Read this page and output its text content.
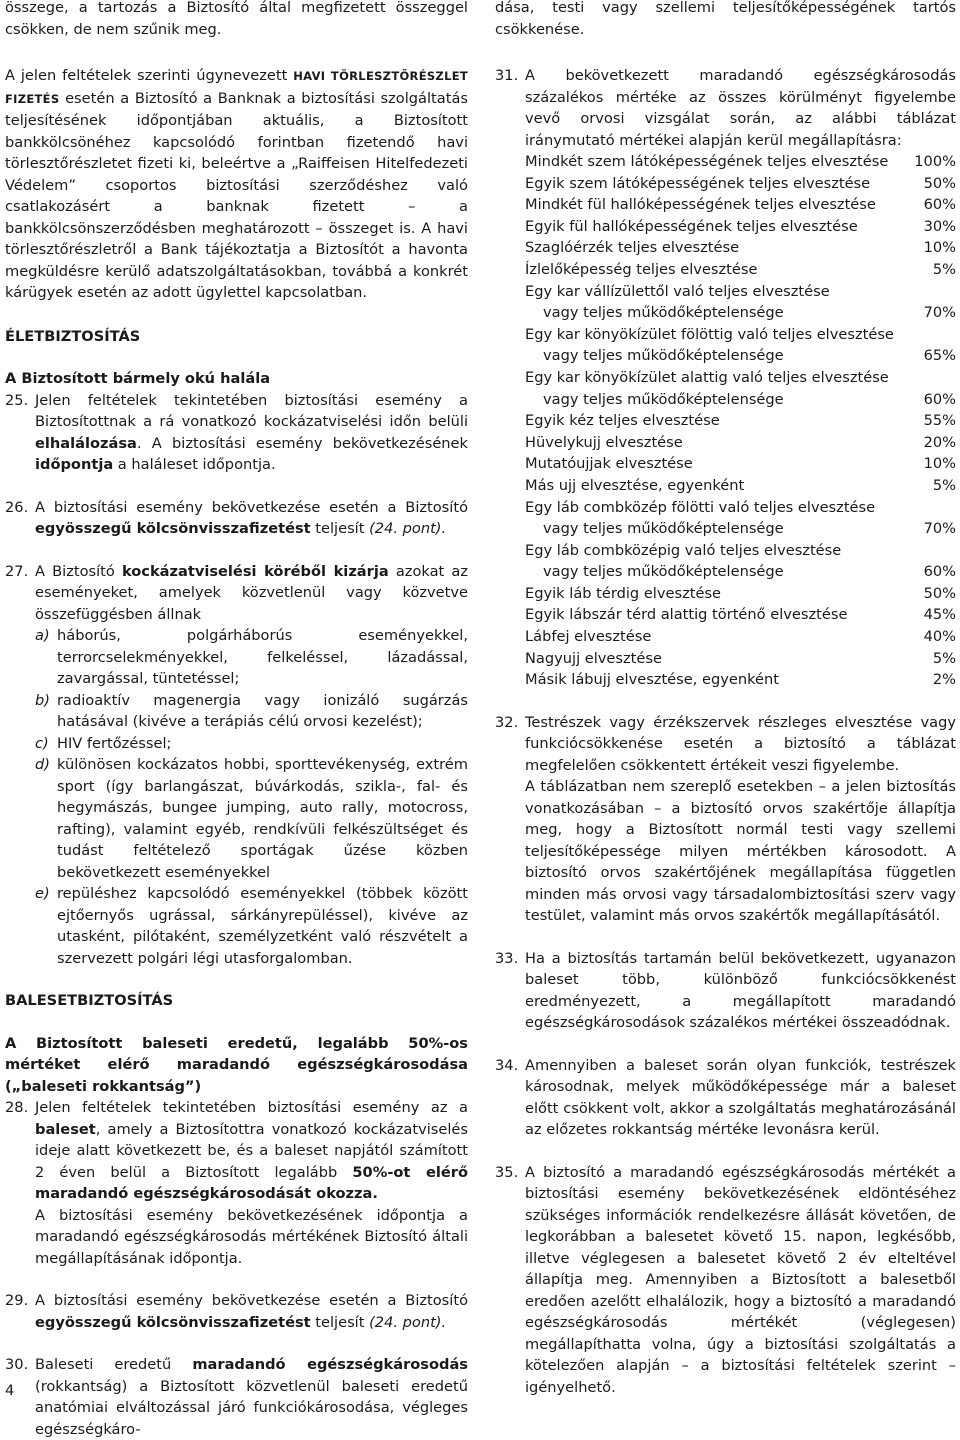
összege, a tartozás a Biztosító által megfizetett összeggel csökken, de nem szűnik meg.

A jelen feltételek szerinti úgynevezett HAVI TÖRLESZTŐRÉSZLET FIZETÉS esetén a Biztosító a Banknak a biztosítási szolgáltatás teljesítésének időpontjában aktuális, a Biztosított bankkölcsönéhez kapcsolódó forintban fizetendő havi törlesztőrészletet fizeti ki, beleértve a „Raiffeisen Hitelfedezeti Védelem” csoportos biztosítási szerződéshez való csatlakozásért a banknak fizetett – a bankkölcsönszerződésben meghatározott – összeget is. A havi törlesztőrészletről a Bank tájékoztatja a Biztosítót a havonta megküldésre kerülő adatszolgáltatásokban, továbbá a konkrét kárügyek esetén az adott ügylettel kapcsolatban.

ÉLETBIZTOSÍTÁS

A Biztosított bármely okú halála

25. Jelen feltételek tekintetében biztosítási esemény a Biztosítottnak a rá vonatkozó kockázatviselési időn belüli elhalálozása. A biztosítási esemény bekövetkezésének időpontja a haláleset időpontja.
26. A biztosítási esemény bekövetkezése esetén a Biztosító egyösszegű kölcsönvisszafizetést teljesít (24. pont).
27. A Biztosító kockázatviselési köréből kizárja azokat az eseményeket, amelyek közvetlenül vagy közvetve összefüggésben állnak
a) háborús, polgárháborús eseményekkel, terrorcselekményekkel, felkeléssel, lázadással, zavargással, tüntetéssel;
b) radioaktív magenergia vagy ionizáló sugárzás hatásával (kivéve a terápiás célú orvosi kezelést);
c) HIV fertőzéssel;
d) különösen kockázatos hobbi, sporttevékenység, extrém sport (így barlangászat, búvárkodás, szikla-, fal- és hegymászás, bungee jumping, auto rally, motocross, rafting), valamint egyéb, rendkívüli felkészültséget és tudást feltételező sportágak űzése közben bekövetkezett eseményekkel
e) repüléshez kapcsolódó eseményekkel (többek között ejtőernyős ugrással, sárkányrepüléssel), kivéve az utasként, pilótaként, személyzetként való részvételt a szervezett polgári légi utasforgalomban.

BALESETBIZTOSÍTÁS

A Biztosított baleseti eredetű, legalább 50%-os mértéket elérő maradandó egészségkárosodása („baleseti rokkantság”)

28. Jelen feltételek tekintetében biztosítási esemény az a baleset, amely a Biztosítottra vonatkozó kockázatviselés ideje alatt következett be, és a baleset napjától számított 2 éven belül a Biztosított legalább 50%-ot elérő maradandó egészségkárosodását okozza.

A biztosítási esemény bekövetkezésének időpontja a maradandó egészségkárosodás mértékének Biztosító általi megállapításának időpontja.

29. A biztosítási esemény bekövetkezése esetén a Biztosító egyösszegű kölcsönvisszafizetést teljesít (24. pont).
30. Baleseti eredetű maradandó egészségkárosodás (rokkantság) a Biztosított közvetlenül baleseti eredetű anatómiai elváltozással járó funkciókárosodása, végleges egészségkáro-

dása, testi vagy szellemi teljesítőképességének tartós csökkenése.

31. A bekövetkezett maradandó egészségkárosodás százalékos mértéke az összes körülményt figyelembe vevő orvosi vizsgálat során, az alábbi táblázat iránymutató mértékei alapján kerül megállapításra:

Mindkét szem látóképességének teljes elvesztése	100%
Egyik szem látóképességének teljes elvesztése	50%
Mindkét fül hallóképességének teljes elvesztése	60%
Egyik fül hallóképességének teljes elvesztése	30%
Szaglóérzék teljes elvesztése	10%
Ízlelőképesség teljes elvesztése	5%
Egy kar vállízülettől való teljes elvesztése	
vagy teljes működőképtelensége	70%
Egy kar könyökízület fölöttig való teljes elvesztése	
vagy teljes működőképtelensége	65%
Egy kar könyökízület alattig való teljes elvesztése	
vagy teljes működőképtelensége	60%
Egyik kéz teljes elvesztése	55%
Hüvelykujj elvesztése	20%
Mutatóujjak elvesztése	10%
Más ujj elvesztése, egyenként	5%
Egy láb combközép fölötti való teljes elvesztése	
vagy teljes működőképtelensége	70%
Egy láb combközépig való teljes elvesztése	
vagy teljes működőképtelensége	60%
Egyik láb térdig elvesztése	50%
Egyik lábszár térd alattig történő elvesztése	45%
Lábfej elvesztése	40%
Nagyujj elvesztése	5%
Másik lábujj elvesztése, egyenként	2%
32. Testrészek vagy érzékszervek részleges elvesztése vagy funkciócsökkenése esetén a biztosító a táblázat megfelelően csökkentett értékeit veszi figyelembe.

A táblázatban nem szereplő esetekben – a jelen biztosítás vonatkozásában – a biztosító orvos szakértője állapítja meg, hogy a Biztosított normál testi vagy szellemi teljesítőképessége milyen mértékben károsodott. A biztosító orvos szakértőjének megállapítása független minden más orvosi vagy társadalombiztosítási szerv vagy testület, valamint más orvos szakértők megállapításától.

33. Ha a biztosítás tartamán belül bekövetkezett, ugyanazon baleset több, különböző funkciócsökkenést eredményezett, a megállapított maradandó egészségkárosodások százalékos mértékei összeadódnak.

34. Amennyiben a baleset során olyan funkciók, testrészek károsodnak, melyek működőképessége már a baleset előtt csökkent volt, akkor a szolgáltatás meghatározásánál az előzetes rokkantság mértéke levonásra kerül.

35. A biztosító a maradandó egészségkárosodás mértékét a biztosítási esemény bekövetkezésének eldöntéséhez szükséges információk rendelkezésre állását követően, de legkorábban a balesetet követő 15. napon, legkésőbb, illetve véglegesen a balesetet követő 2 év elteltével állapítja meg. Amennyiben a Biztosított a balesetből eredően azelőtt elhalálozik, hogy a biztosító a maradandó egészségkárosodás mértékét (véglegesen) megállapíthatta volna, úgy a biztosítási szolgáltatás a kötelezően alapján – a biztosítási feltételek szerint – igényelhető.

4
